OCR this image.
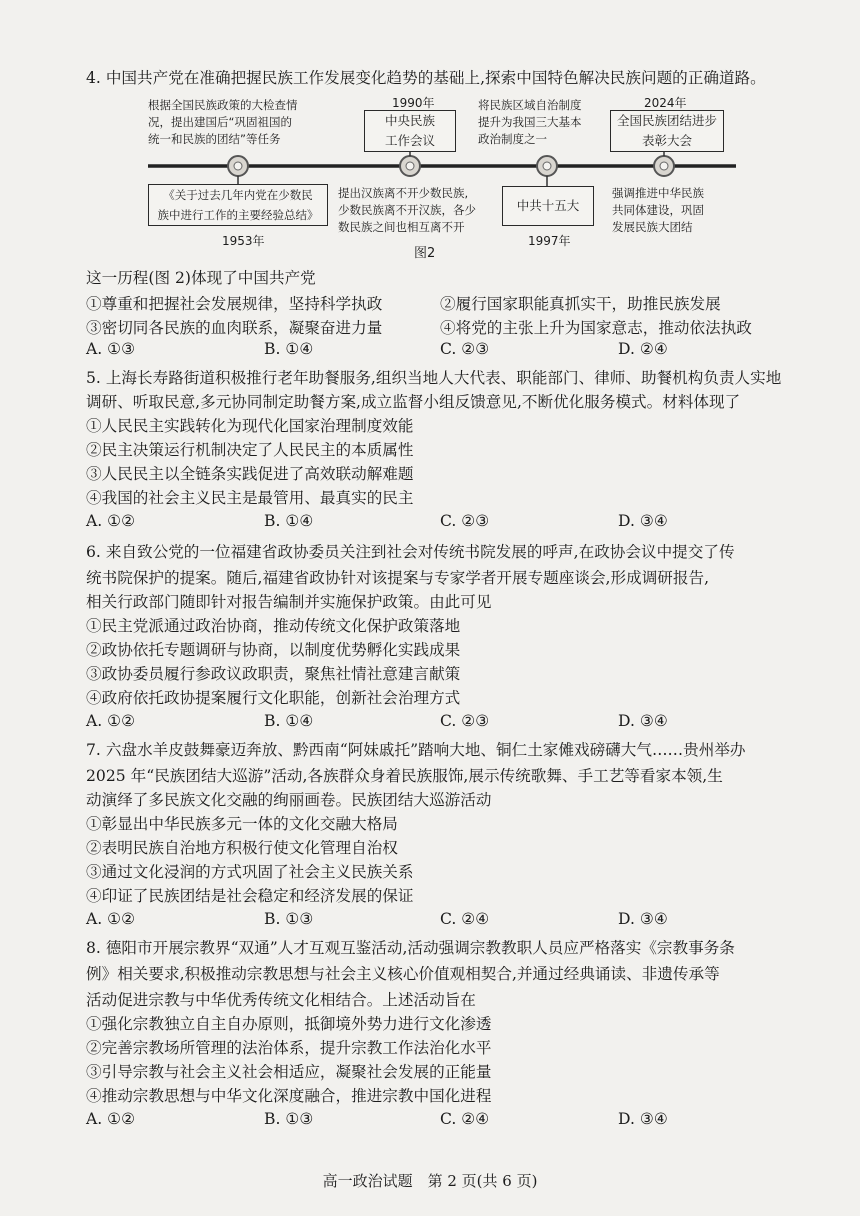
4. 中国共产党在准确把握民族工作发展变化趋势的基础上,探索中国特色解决民族问题的正确道路。
根据全国民族政策的大检查情
况，提出建国后“巩固祖国的
统一和民族的团结”等任务
1990年
中央民族
工作会议
将民族区域自治制度
提升为我国三大基本
政治制度之一
2024年
全国民族团结进步
表彰大会
《关于过去几年内党在少数民
族中进行工作的主要经验总结》
1953年
提出汉族离不开少数民族,
少数民族离不开汉族，各少
数民族之间也相互离不开
中共十五大
1997年
强调推进中华民族
共同体建设，巩固
发展民族大团结
图2
这一历程(图 2)体现了中国共产党
①尊重和把握社会发展规律，坚持科学执政	②履行国家职能真抓实干，助推民族发展
③密切同各民族的血肉联系，凝聚奋进力量	④将党的主张上升为国家意志，推动依法执政
A. ①③	B. ①④	C. ②③	D. ②④
5. 上海长寿路街道积极推行老年助餐服务,组织当地人大代表、职能部门、律师、助餐机构负责人实地
调研、听取民意,多元协同制定助餐方案,成立监督小组反馈意见,不断优化服务模式。材料体现了
①人民民主实践转化为现代化国家治理制度效能
②民主决策运行机制决定了人民民主的本质属性
③人民民主以全链条实践促进了高效联动解难题
④我国的社会主义民主是最管用、最真实的民主
A. ①②	B. ①④	C. ②③	D. ③④
6. 来自致公党的一位福建省政协委员关注到社会对传统书院发展的呼声,在政协会议中提交了传
统书院保护的提案。随后,福建省政协针对该提案与专家学者开展专题座谈会,形成调研报告,
相关行政部门随即针对报告编制并实施保护政策。由此可见
①民主党派通过政治协商，推动传统文化保护政策落地
②政协依托专题调研与协商，以制度优势孵化实践成果
③政协委员履行参政议政职责，聚焦社情社意建言献策
④政府依托政协提案履行文化职能，创新社会治理方式
A. ①②	B. ①④	C. ②③	D. ③④
7. 六盘水羊皮鼓舞豪迈奔放、黔西南“阿妹戚托”踏响大地、铜仁土家傩戏磅礴大气……贵州举办
2025 年“民族团结大巡游”活动,各族群众身着民族服饰,展示传统歌舞、手工艺等看家本领,生
动演绎了多民族文化交融的绚丽画卷。民族团结大巡游活动
①彰显出中华民族多元一体的文化交融大格局
②表明民族自治地方积极行使文化管理自治权
③通过文化浸润的方式巩固了社会主义民族关系
④印证了民族团结是社会稳定和经济发展的保证
A. ①②	B. ①③	C. ②④	D. ③④
8. 德阳市开展宗教界“双通”人才互观互鉴活动,活动强调宗教教职人员应严格落实《宗教事务条
例》相关要求,积极推动宗教思想与社会主义核心价值观相契合,并通过经典诵读、非遗传承等
活动促进宗教与中华优秀传统文化相结合。上述活动旨在
①强化宗教独立自主自办原则，抵御境外势力进行文化渗透
②完善宗教场所管理的法治体系，提升宗教工作法治化水平
③引导宗教与社会主义社会相适应，凝聚社会发展的正能量
④推动宗教思想与中华文化深度融合，推进宗教中国化进程
A. ①②	B. ①③	C. ②④	D. ③④
高一政治试题　第 2 页(共 6 页)
